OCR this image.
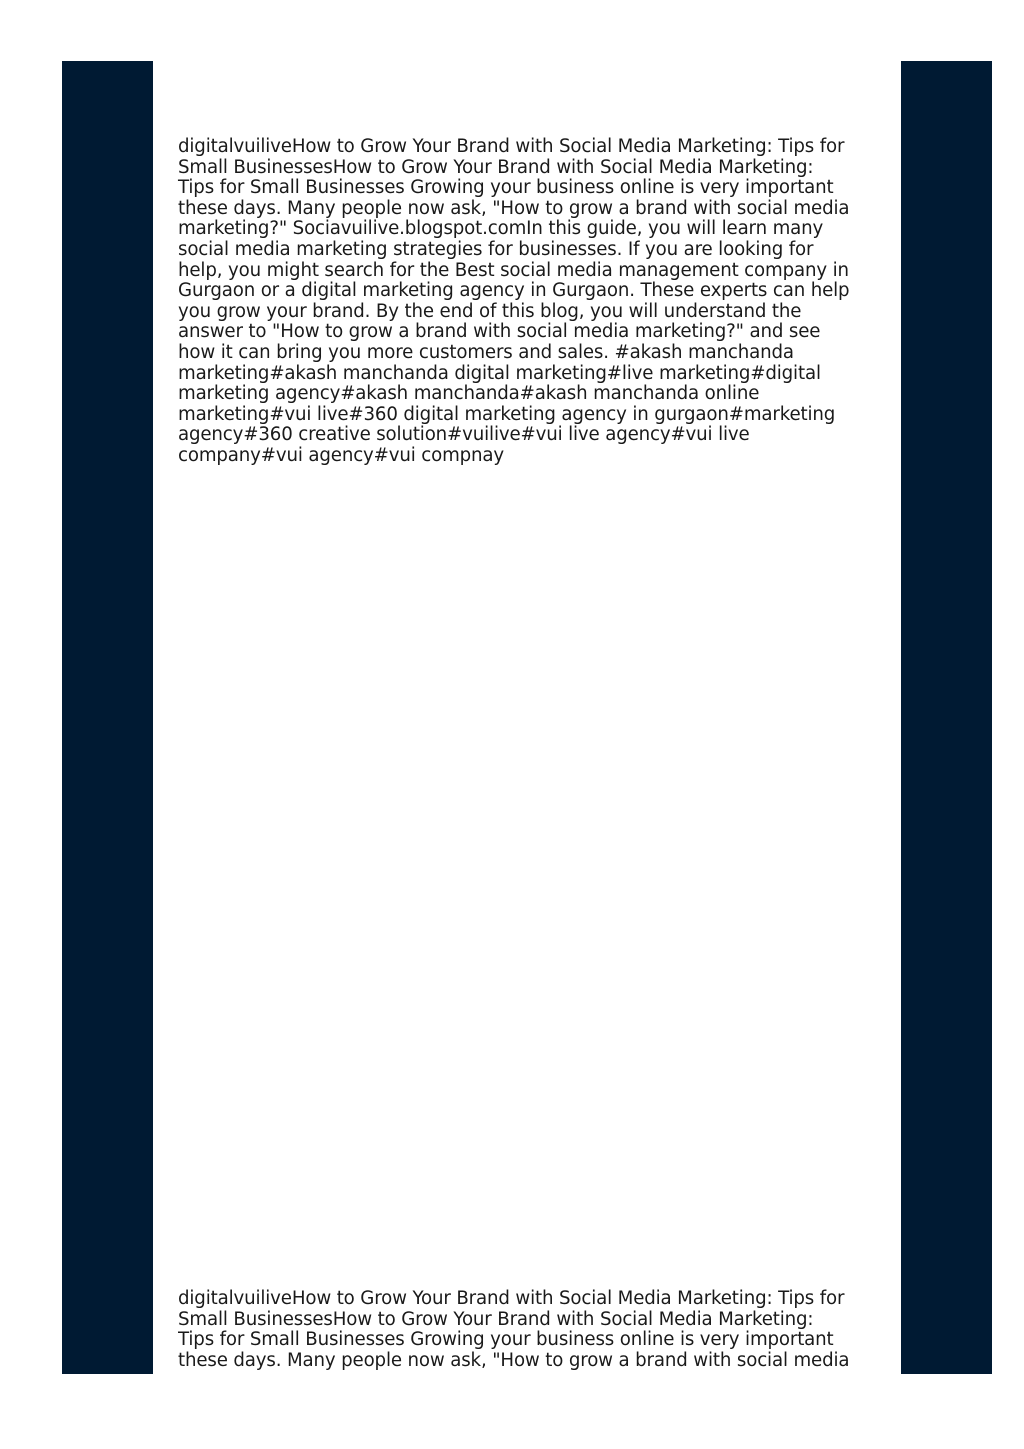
digitalvuiliveHow to Grow Your Brand with Social Media Marketing: Tips for
Small BusinessesHow to Grow Your Brand with Social Media Marketing:
Tips for Small Businesses Growing your business online is very important
these days. Many people now ask, "How to grow a brand with social media
marketing?" Sociavuilive.blogspot.comIn this guide, you will learn many
social media marketing strategies for businesses. If you are looking for
help, you might search for the Best social media management company in
Gurgaon or a digital marketing agency in Gurgaon. These experts can help
you grow your brand. By the end of this blog, you will understand the
answer to "How to grow a brand with social media marketing?" and see
how it can bring you more customers and sales. #akash manchanda
marketing#akash manchanda digital marketing#live marketing#digital
marketing agency#akash manchanda#akash manchanda online
marketing#vui live#360 digital marketing agency in gurgaon#marketing
agency#360 creative solution#vuilive#vui live agency#vui live
company#vui agency#vui compnay
digitalvuiliveHow to Grow Your Brand with Social Media Marketing: Tips for
Small BusinessesHow to Grow Your Brand with Social Media Marketing:
Tips for Small Businesses Growing your business online is very important
these days. Many people now ask, "How to grow a brand with social media
